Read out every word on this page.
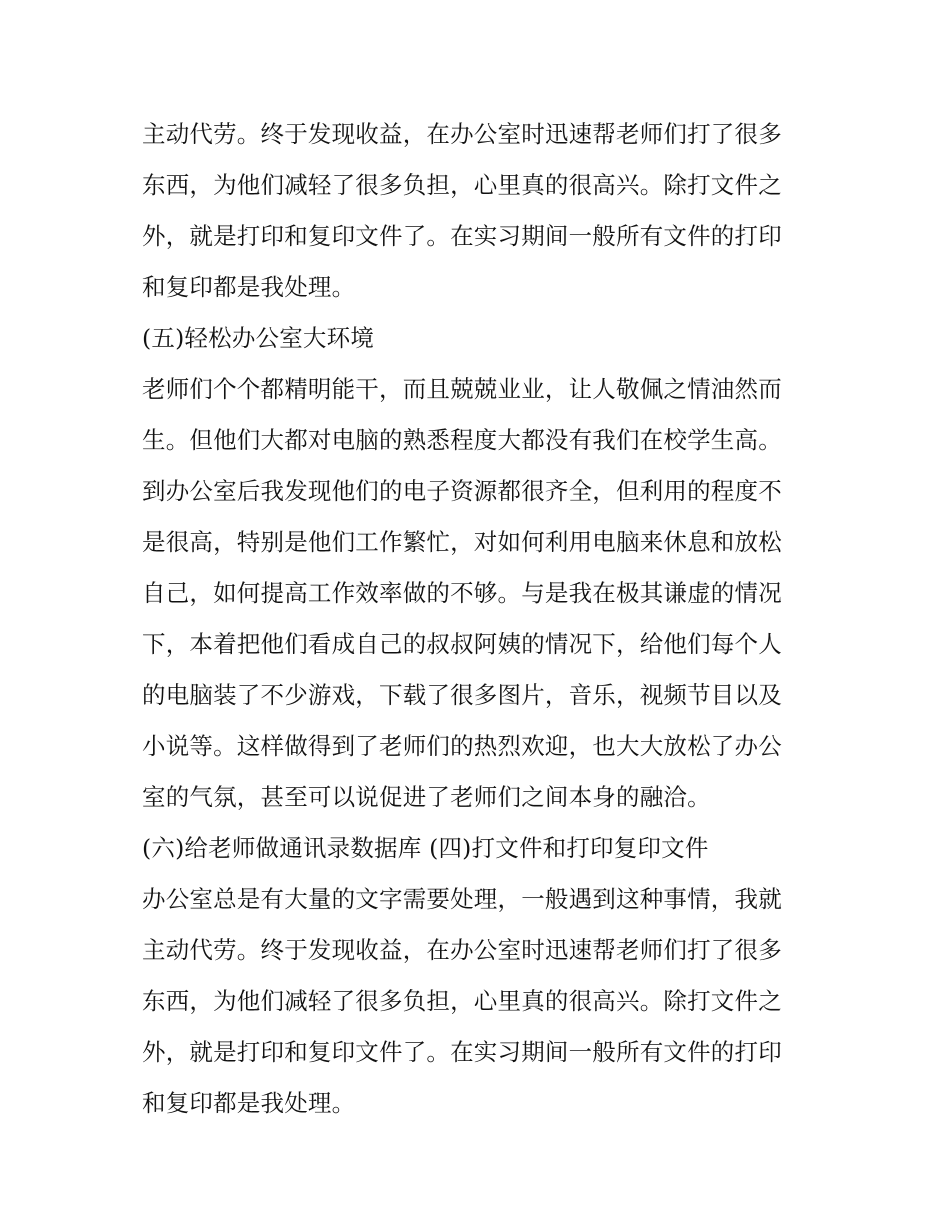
主动代劳。终于发现收益，在办公室时迅速帮老师们打了很多
东西，为他们减轻了很多负担，心里真的很高兴。除打文件之
外，就是打印和复印文件了。在实习期间一般所有文件的打印
和复印都是我处理。
(五)轻松办公室大环境
老师们个个都精明能干，而且兢兢业业，让人敬佩之情油然而
生。但他们大都对电脑的熟悉程度大都没有我们在校学生高。
到办公室后我发现他们的电子资源都很齐全，但利用的程度不
是很高，特别是他们工作繁忙，对如何利用电脑来休息和放松
自己，如何提高工作效率做的不够。与是我在极其谦虚的情况
下，本着把他们看成自己的叔叔阿姨的情况下，给他们每个人
的电脑装了不少游戏，下载了很多图片，音乐，视频节目以及
小说等。这样做得到了老师们的热烈欢迎，也大大放松了办公
室的气氛，甚至可以说促进了老师们之间本身的融洽。
(六)给老师做通讯录数据库 (四)打文件和打印复印文件
办公室总是有大量的文字需要处理，一般遇到这种事情，我就
主动代劳。终于发现收益，在办公室时迅速帮老师们打了很多
东西，为他们减轻了很多负担，心里真的很高兴。除打文件之
外，就是打印和复印文件了。在实习期间一般所有文件的打印
和复印都是我处理。
